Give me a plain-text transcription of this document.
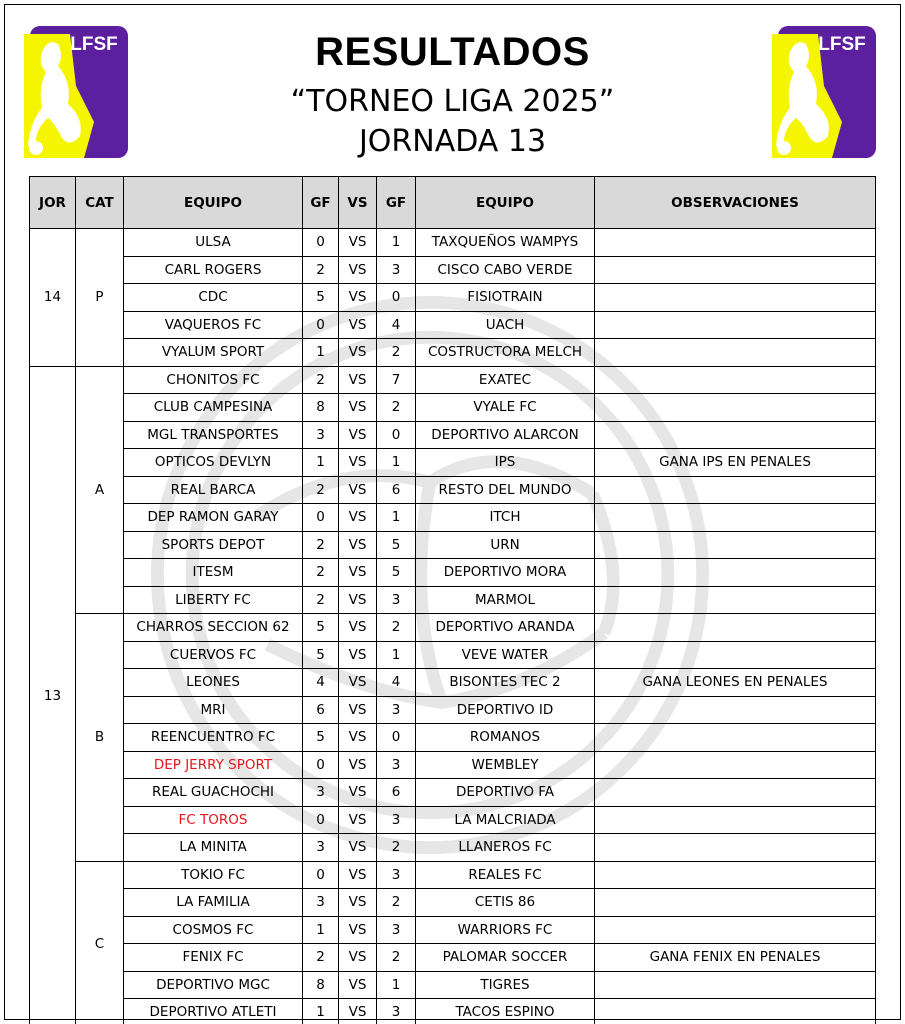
LFSF	LFSF
RESULTADOS
“TORNEO LIGA 2025”
JORNADA 13
JOR	CAT	EQUIPO	GF	VS	GF	EQUIPO	OBSERVACIONES
14	P	ULSA	0	VS	1	TAXQUEÑOS WAMPYS	
		CARL ROGERS	2	VS	3	CISCO CABO VERDE	
		CDC	5	VS	0	FISIOTRAIN	
		VAQUEROS FC	0	VS	4	UACH	
		VYALUM SPORT	1	VS	2	COSTRUCTORA MELCH	
13	A	CHONITOS FC	2	VS	7	EXATEC	
		CLUB CAMPESINA	8	VS	2	VYALE FC	
		MGL TRANSPORTES	3	VS	0	DEPORTIVO ALARCON	
		OPTICOS DEVLYN	1	VS	1	IPS	GANA IPS EN PENALES
		REAL BARCA	2	VS	6	RESTO DEL MUNDO	
		DEP RAMON GARAY	0	VS	1	ITCH	
		SPORTS DEPOT	2	VS	5	URN	
		ITESM	2	VS	5	DEPORTIVO MORA	
		LIBERTY FC	2	VS	3	MARMOL	
	B	CHARROS SECCION 62	5	VS	2	DEPORTIVO ARANDA	
		CUERVOS FC	5	VS	1	VEVE WATER	
		LEONES	4	VS	4	BISONTES TEC 2	GANA LEONES EN PENALES
		MRI	6	VS	3	DEPORTIVO ID	
		REENCUENTRO FC	5	VS	0	ROMANOS	
		DEP JERRY SPORT	0	VS	3	WEMBLEY	
		REAL GUACHOCHI	3	VS	6	DEPORTIVO FA	
		FC TOROS	0	VS	3	LA MALCRIADA	
		LA MINITA	3	VS	2	LLANEROS FC	
	C	TOKIO FC	0	VS	3	REALES FC	
		LA FAMILIA	3	VS	2	CETIS 86	
		COSMOS FC	1	VS	3	WARRIORS FC	
		FENIX FC	2	VS	2	PALOMAR SOCCER	GANA FENIX EN PENALES
		DEPORTIVO MGC	8	VS	1	TIGRES	
		DEPORTIVO ATLETI	1	VS	3	TACOS ESPINO	
